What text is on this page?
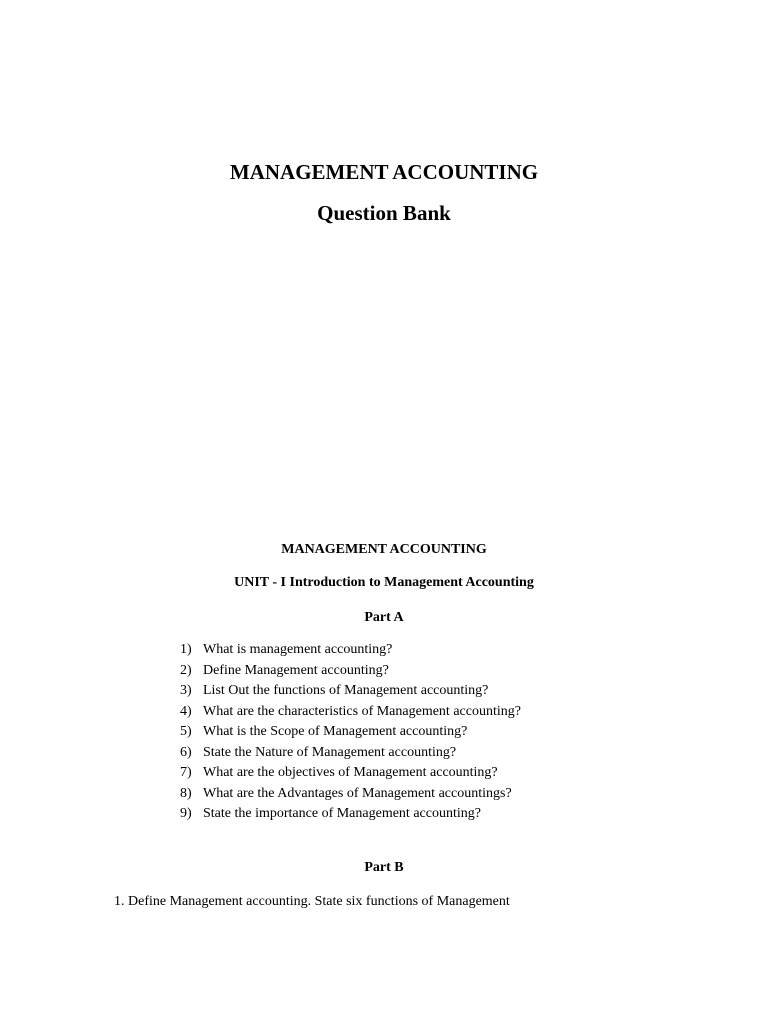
MANAGEMENT ACCOUNTING
Question Bank
MANAGEMENT ACCOUNTING
UNIT - I Introduction to Management Accounting
Part A
1) What is management accounting?
2) Define Management accounting?
3) List Out the functions of Management accounting?
4) What are the characteristics of Management accounting?
5) What is the Scope of Management accounting?
6) State the Nature of Management accounting?
7) What are the objectives of Management accounting?
8) What are the Advantages of Management accountings?
9) State the importance of Management accounting?
Part B
1. Define Management accounting. State six functions of Management
